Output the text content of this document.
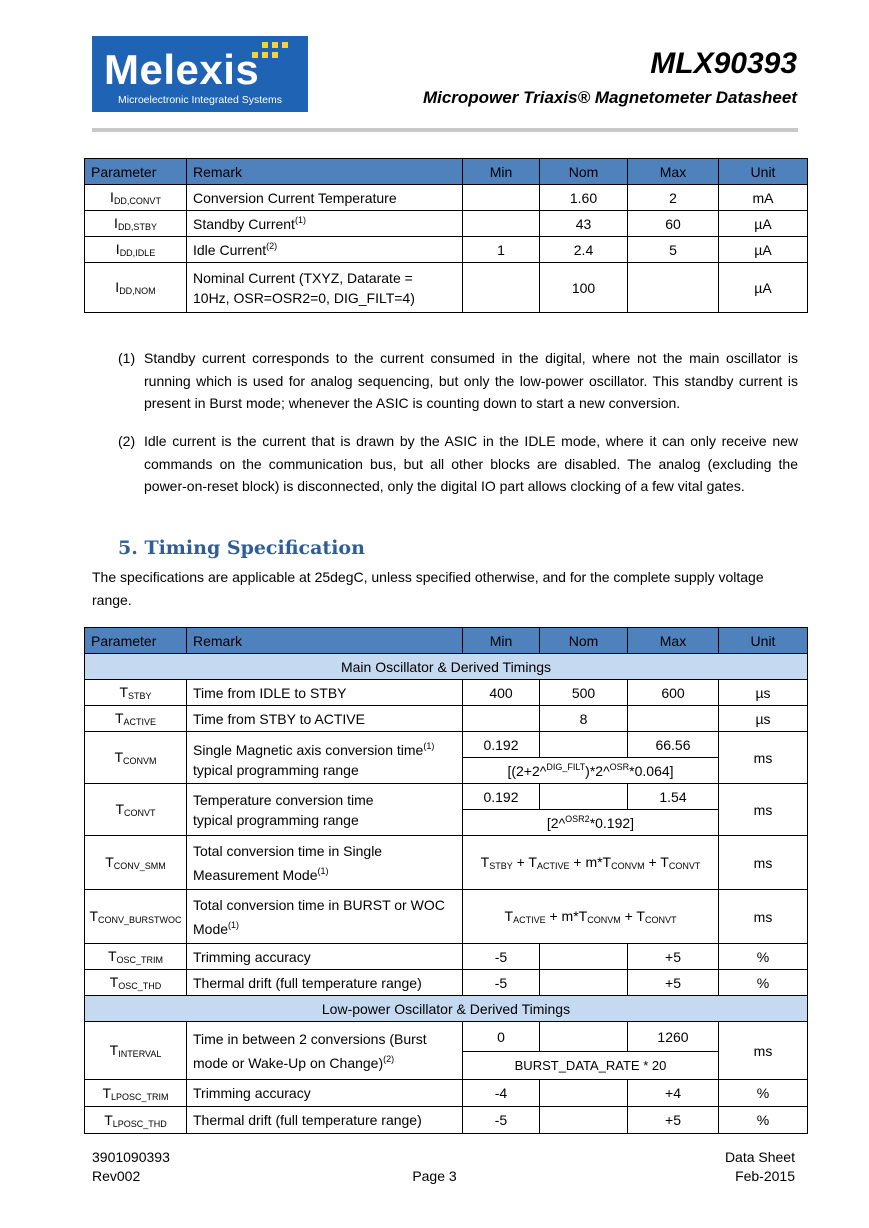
Melexis
Microelectronic Integrated Systems
MLX90393
Micropower Triaxis® Magnetometer Datasheet
Parameter	Remark	Min	Nom	Max	Unit
$I_{DD,CONVT}$	Conversion Current Temperature		1.60	2	mA
$I_{DD,STBY}$	Standby Current$^{(1)}$		43	60	µA
$I_{DD,IDLE}$	Idle Current$^{(2)}$	1	2.4	5	µA
$I_{DD,NOM}$	Nominal Current (TXYZ, Datarate =
10Hz, OSR=OSR2=0, DIG_FILT=4)		100		µA
(1) Standby current corresponds to the current consumed in the digital, where not the main oscillator is running which is used for analog sequencing, but only the low-power oscillator. This standby current is present in Burst mode; whenever the ASIC is counting down to start a new conversion.
(2) Idle current is the current that is drawn by the ASIC in the IDLE mode, where it can only receive new commands on the communication bus, but all other blocks are disabled. The analog (excluding the power-on-reset block) is disconnected, only the digital IO part allows clocking of a few vital gates.
5. Timing Specification
The specifications are applicable at 25degC, unless specified otherwise, and for the complete supply voltage range.
Parameter	Remark	Min	Nom	Max	Unit
Main Oscillator & Derived Timings					
$T_{STBY}$	Time from IDLE to STBY	400	500	600	µs
$T_{ACTIVE}$	Time from STBY to ACTIVE		8		µs
$T_{CONVM}$	Single Magnetic axis conversion time$^{(1)}$
typical programming range	0.192		66.56	ms
		[(2+2^$^{DIG\_FILT}$)*2^$^{OSR}$*0.064]			
$T_{CONVT}$	Temperature conversion time
typical programming range	0.192		1.54	ms
		[2^$^{OSR2}$*0.192]			
$T_{CONV\_SMM}$	Total conversion time in Single
Measurement Mode$^{(1)}$	$T_{STBY} + T_{ACTIVE} + m*T_{CONVM} + T_{CONVT}$			ms
$T_{CONV\_BURSTWOC}$	Total conversion time in BURST or WOC
Mode$^{(1)}$	$T_{ACTIVE} + m*T_{CONVM} + T_{CONVT}$			ms
$T_{OSC\_TRIM}$	Trimming accuracy	-5		+5	%
$T_{OSC\_THD}$	Thermal drift (full temperature range)	-5		+5	%
Low-power Oscillator & Derived Timings					
$T_{INTERVAL}$	Time in between 2 conversions (Burst
mode or Wake-Up on Change)$^{(2)}$	0		1260	ms
		BURST_DATA_RATE * 20			
$T_{LPOSC\_TRIM}$	Trimming accuracy	-4		+4	%
$T_{LPOSC\_THD}$	Thermal drift (full temperature range)	-5		+5	%
3901090393
Rev002	Page 3
Data Sheet
Feb-2015
